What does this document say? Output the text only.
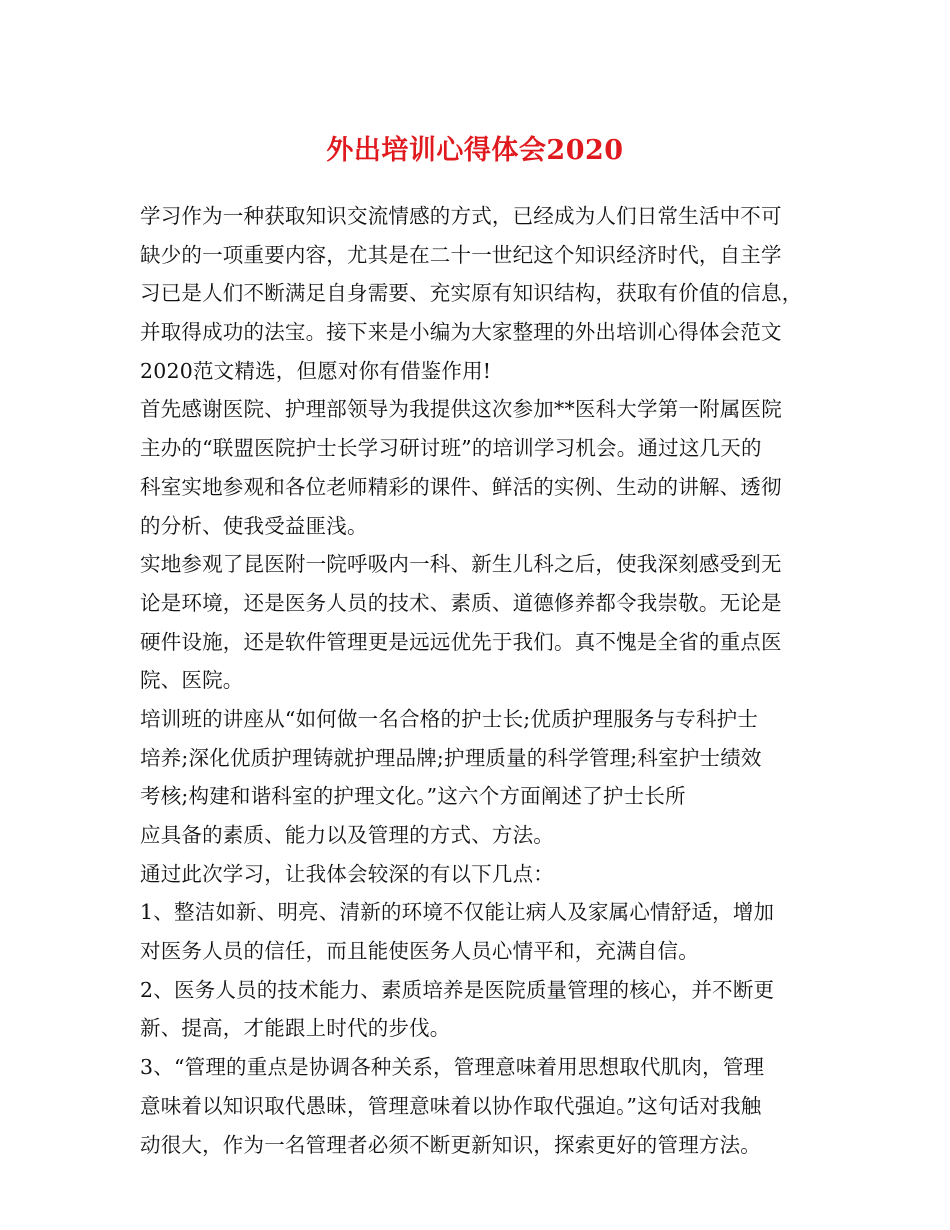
外出培训心得体会2020
学习作为一种获取知识交流情感的方式，已经成为人们日常生活中不可
缺少的一项重要内容，尤其是在二十一世纪这个知识经济时代，自主学
习已是人们不断满足自身需要、充实原有知识结构，获取有价值的信息，
并取得成功的法宝。接下来是小编为大家整理的外出培训心得体会范文
2020范文精选，但愿对你有借鉴作用!
首先感谢医院、护理部领导为我提供这次参加**医科大学第一附属医院
主办的“联盟医院护士长学习研讨班”的培训学习机会。通过这几天的
科室实地参观和各位老师精彩的课件、鲜活的实例、生动的讲解、透彻
的分析、使我受益匪浅。
实地参观了昆医附一院呼吸内一科、新生儿科之后，使我深刻感受到无
论是环境，还是医务人员的技术、素质、道德修养都令我崇敬。无论是
硬件设施，还是软件管理更是远远优先于我们。真不愧是全省的重点医
院、医院。
培训班的讲座从“如何做一名合格的护士长;优质护理服务与专科护士
培养;深化优质护理铸就护理品牌;护理质量的科学管理;科室护士绩效
考核;构建和谐科室的护理文化。”这六个方面阐述了护士长所
应具备的素质、能力以及管理的方式、方法。
通过此次学习，让我体会较深的有以下几点：
1、整洁如新、明亮、清新的环境不仅能让病人及家属心情舒适，增加
对医务人员的信任，而且能使医务人员心情平和，充满自信。
2、医务人员的技术能力、素质培养是医院质量管理的核心，并不断更
新、提高，才能跟上时代的步伐。
3、“管理的重点是协调各种关系，管理意味着用思想取代肌肉，管理
意味着以知识取代愚昧，管理意味着以协作取代强迫。”这句话对我触
动很大，作为一名管理者必须不断更新知识，探索更好的管理方法。
